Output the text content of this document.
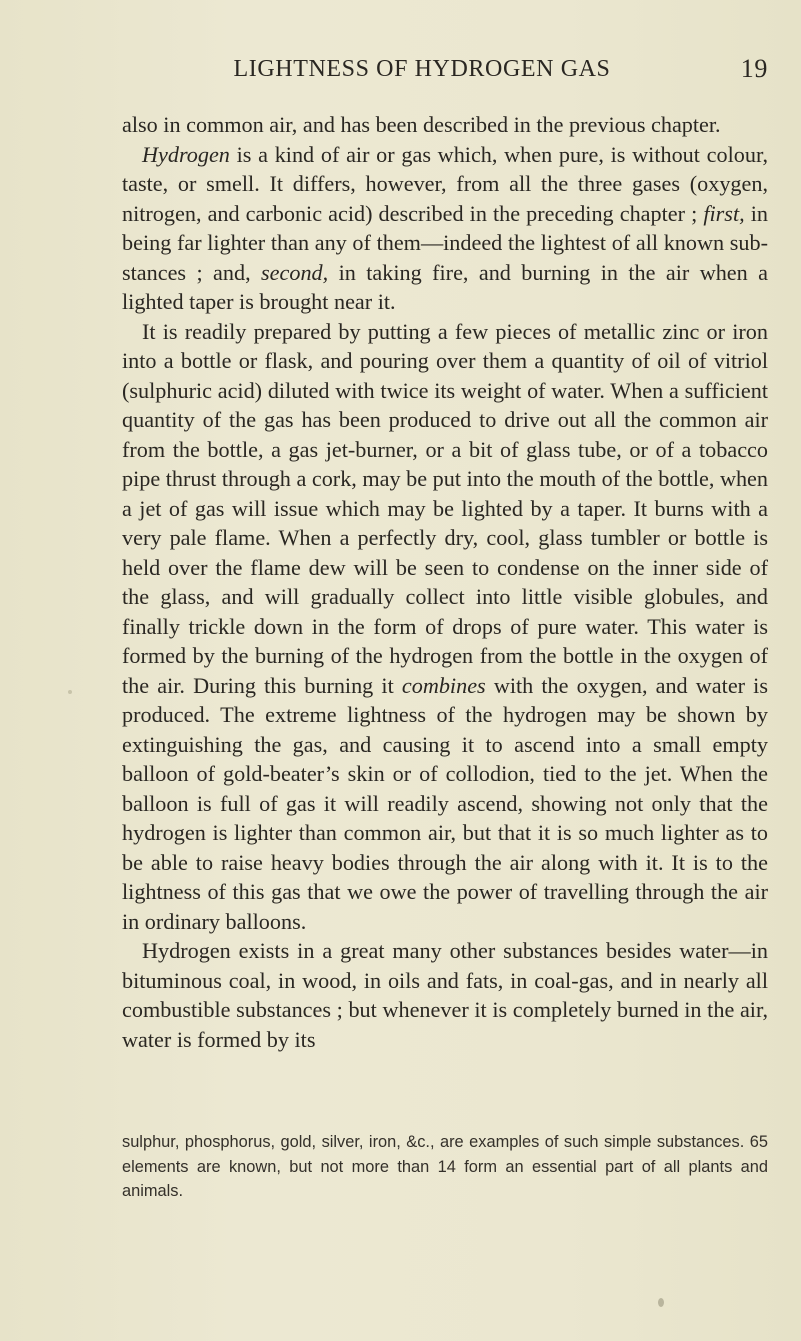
LIGHTNESS OF HYDROGEN GAS	19

also in common air, and has been described in the previous chapter.

Hydrogen is a kind of air or gas which, when pure, is without colour, taste, or smell. It differs, however, from all the three gases (oxygen, nitrogen, and carbonic acid) described in the preceding chapter ; first, in being far lighter than any of them—indeed the lightest of all known substances ; and, second, in taking fire, and burning in the air when a lighted taper is brought near it.

It is readily prepared by putting a few pieces of metallic zinc or iron into a bottle or flask, and pouring over them a quantity of oil of vitriol (sulphuric acid) diluted with twice its weight of water. When a sufficient quantity of the gas has been produced to drive out all the common air from the bottle, a gas jet-burner, or a bit of glass tube, or of a tobacco pipe thrust through a cork, may be put into the mouth of the bottle, when a jet of gas will issue which may be lighted by a taper. It burns with a very pale flame. When a perfectly dry, cool, glass tumbler or bottle is held over the flame dew will be seen to condense on the inner side of the glass, and will gradually collect into little visible globules, and finally trickle down in the form of drops of pure water. This water is formed by the burning of the hydrogen from the bottle in the oxygen of the air. During this burning it combines with the oxygen, and water is produced. The extreme lightness of the hydrogen may be shown by extinguishing the gas, and causing it to ascend into a small empty balloon of gold-beater’s skin or of collodion, tied to the jet. When the balloon is full of gas it will readily ascend, showing not only that the hydrogen is lighter than common air, but that it is so much lighter as to be able to raise heavy bodies through the air along with it. It is to the lightness of this gas that we owe the power of travelling through the air in ordinary balloons.

Hydrogen exists in a great many other substances besides water—in bituminous coal, in wood, in oils and fats, in coal-gas, and in nearly all combustible substances ; but whenever it is completely burned in the air, water is formed by its

sulphur, phosphorus, gold, silver, iron, &c., are examples of such simple substances. 65 elements are known, but not more than 14 form an essential part of all plants and animals.
